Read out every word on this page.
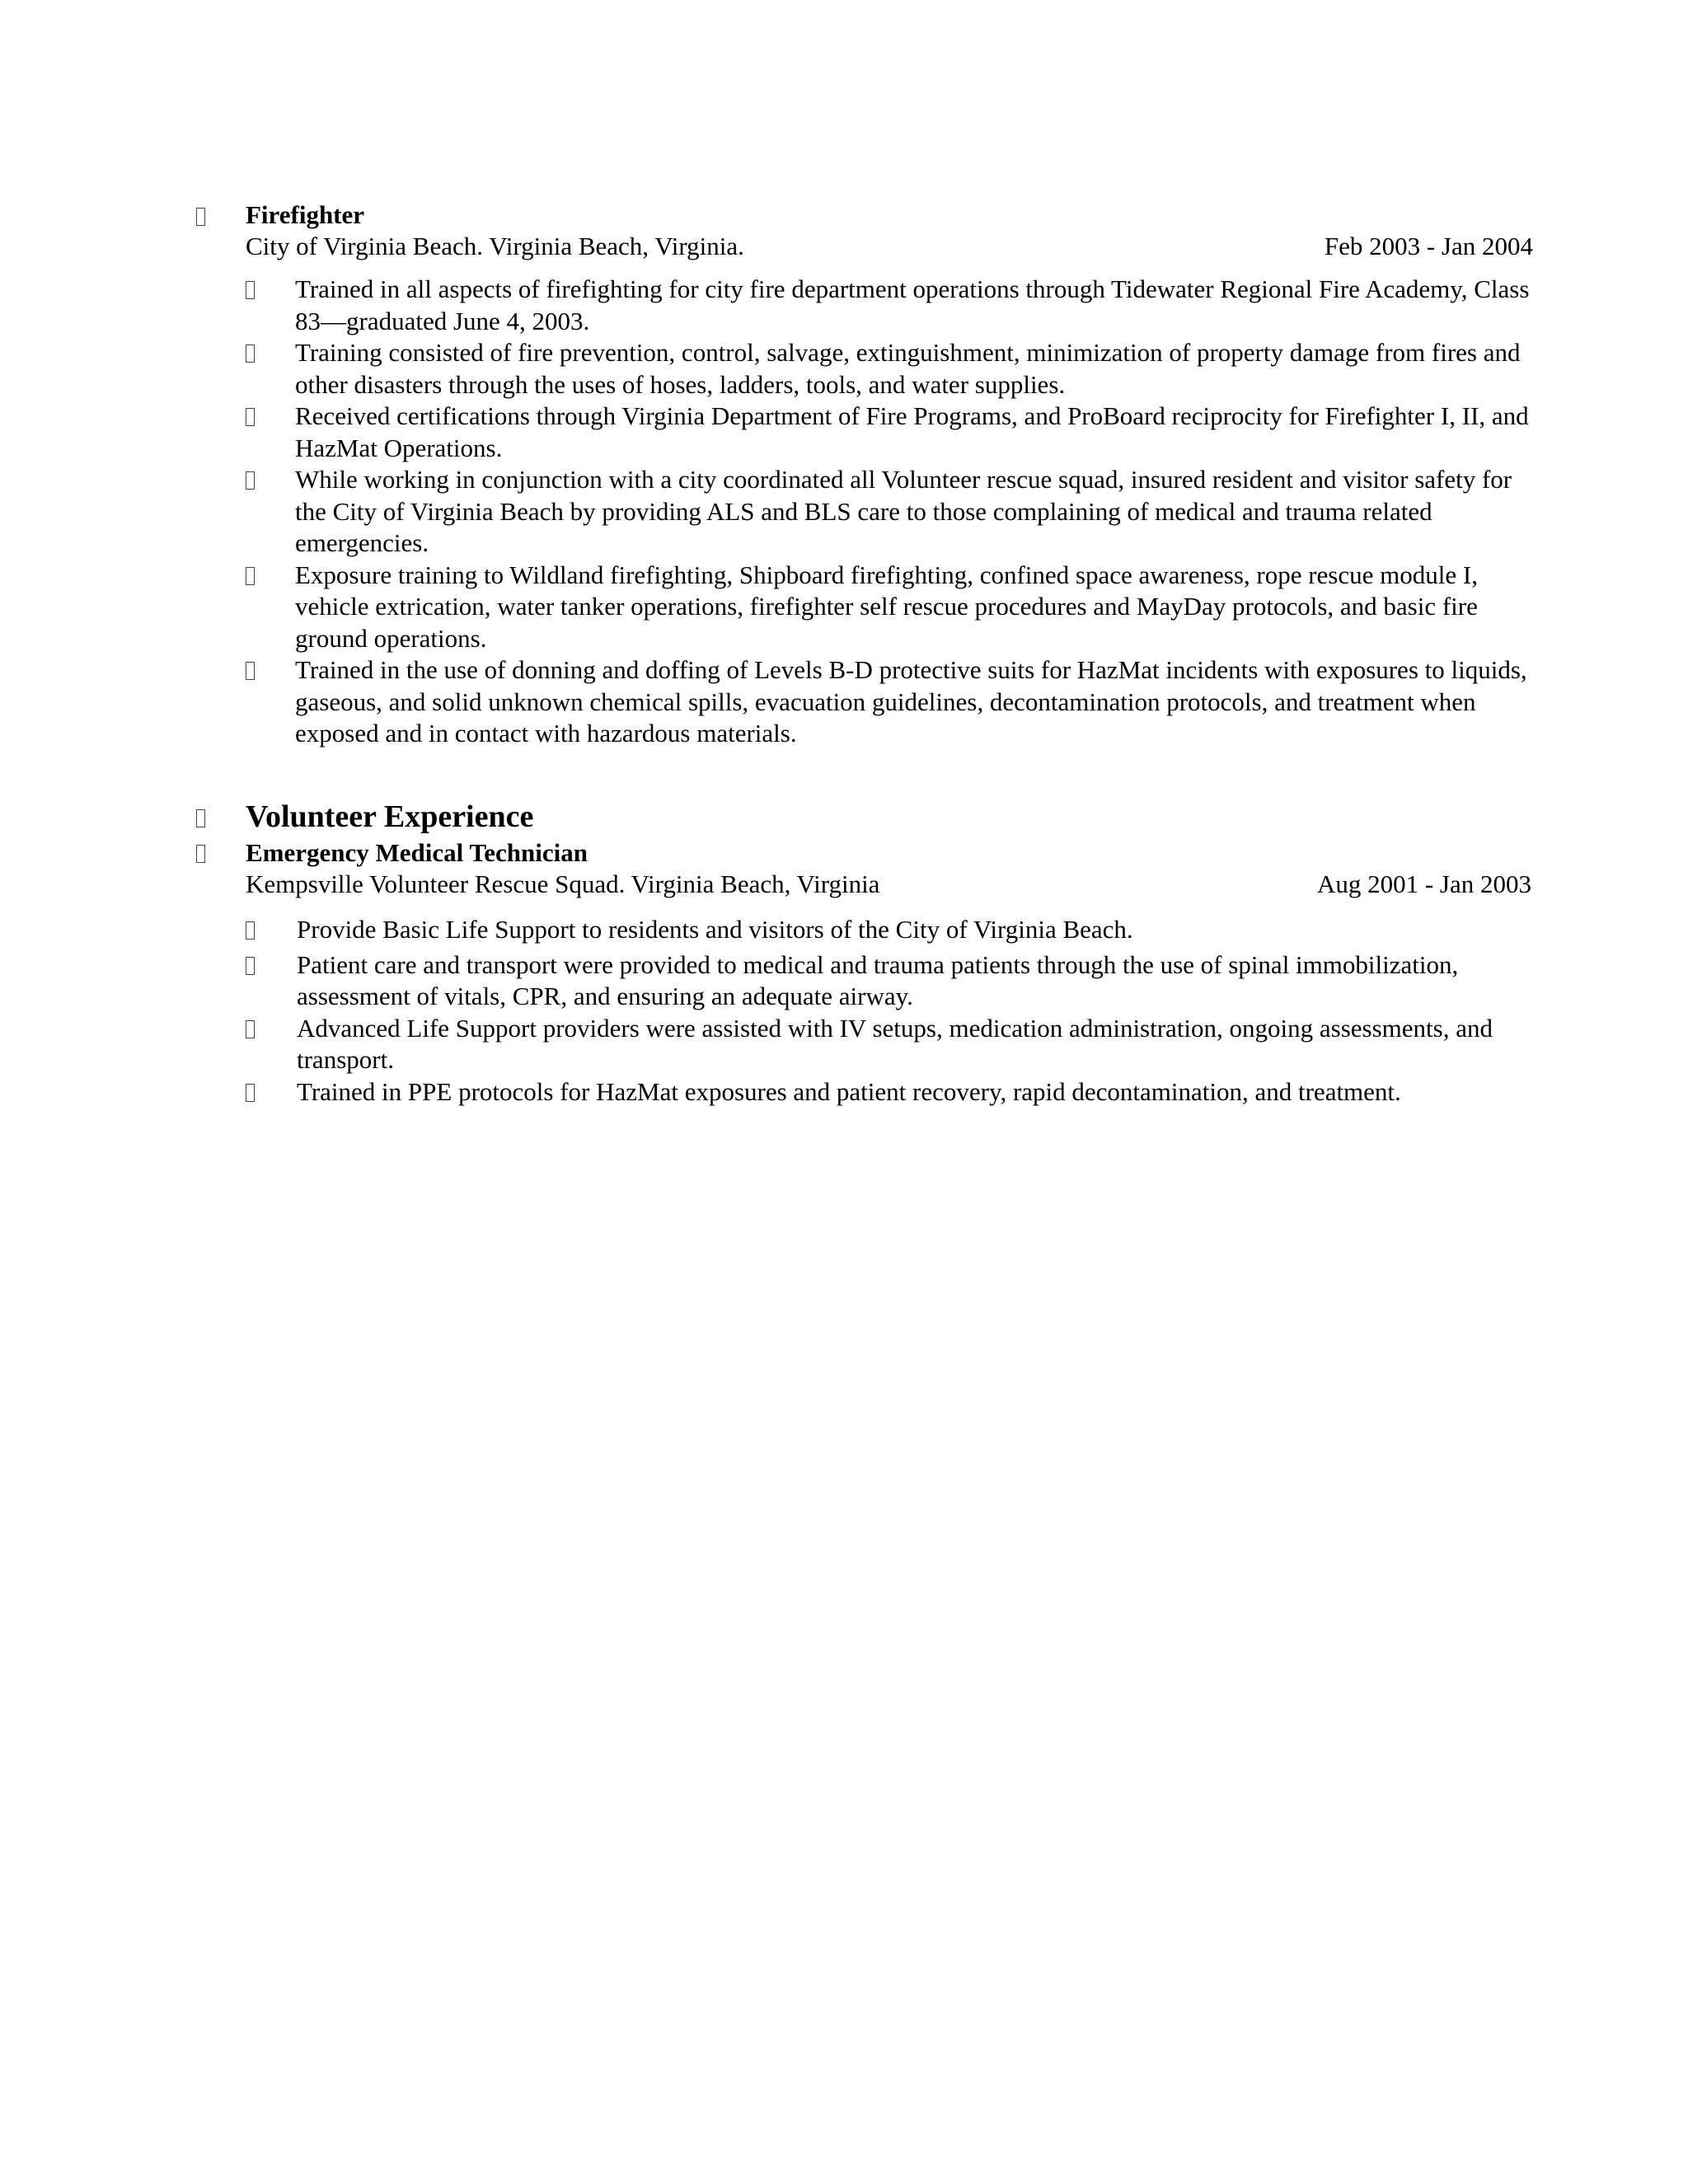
Firefighter
City of Virginia Beach. Virginia Beach, Virginia.	Feb 2003 - Jan 2004
Trained in all aspects of firefighting for city fire department operations through Tidewater Regional Fire Academy, Class 83—graduated June 4, 2003.
Training consisted of fire prevention, control, salvage, extinguishment, minimization of property damage from fires and other disasters through the uses of hoses, ladders, tools, and water supplies.
Received certifications through Virginia Department of Fire Programs, and ProBoard reciprocity for Firefighter I, II, and HazMat Operations.
While working in conjunction with a city coordinated all Volunteer rescue squad, insured resident and visitor safety for the City of Virginia Beach by providing ALS and BLS care to those complaining of medical and trauma related emergencies.
Exposure training to Wildland firefighting, Shipboard firefighting, confined space awareness, rope rescue module I, vehicle extrication, water tanker operations, firefighter self rescue procedures and MayDay protocols, and basic fire ground operations.
Trained in the use of donning and doffing of Levels B-D protective suits for HazMat incidents with exposures to liquids, gaseous, and solid unknown chemical spills, evacuation guidelines, decontamination protocols, and treatment when exposed and in contact with hazardous materials.
Volunteer Experience
Emergency Medical Technician
Kempsville Volunteer Rescue Squad. Virginia Beach, Virginia	Aug 2001 - Jan 2003
Provide Basic Life Support to residents and visitors of the City of Virginia Beach.
Patient care and transport were provided to medical and trauma patients through the use of spinal immobilization, assessment of vitals, CPR, and ensuring an adequate airway.
Advanced Life Support providers were assisted with IV setups, medication administration, ongoing assessments, and transport.
Trained in PPE protocols for HazMat exposures and patient recovery, rapid decontamination, and treatment.
